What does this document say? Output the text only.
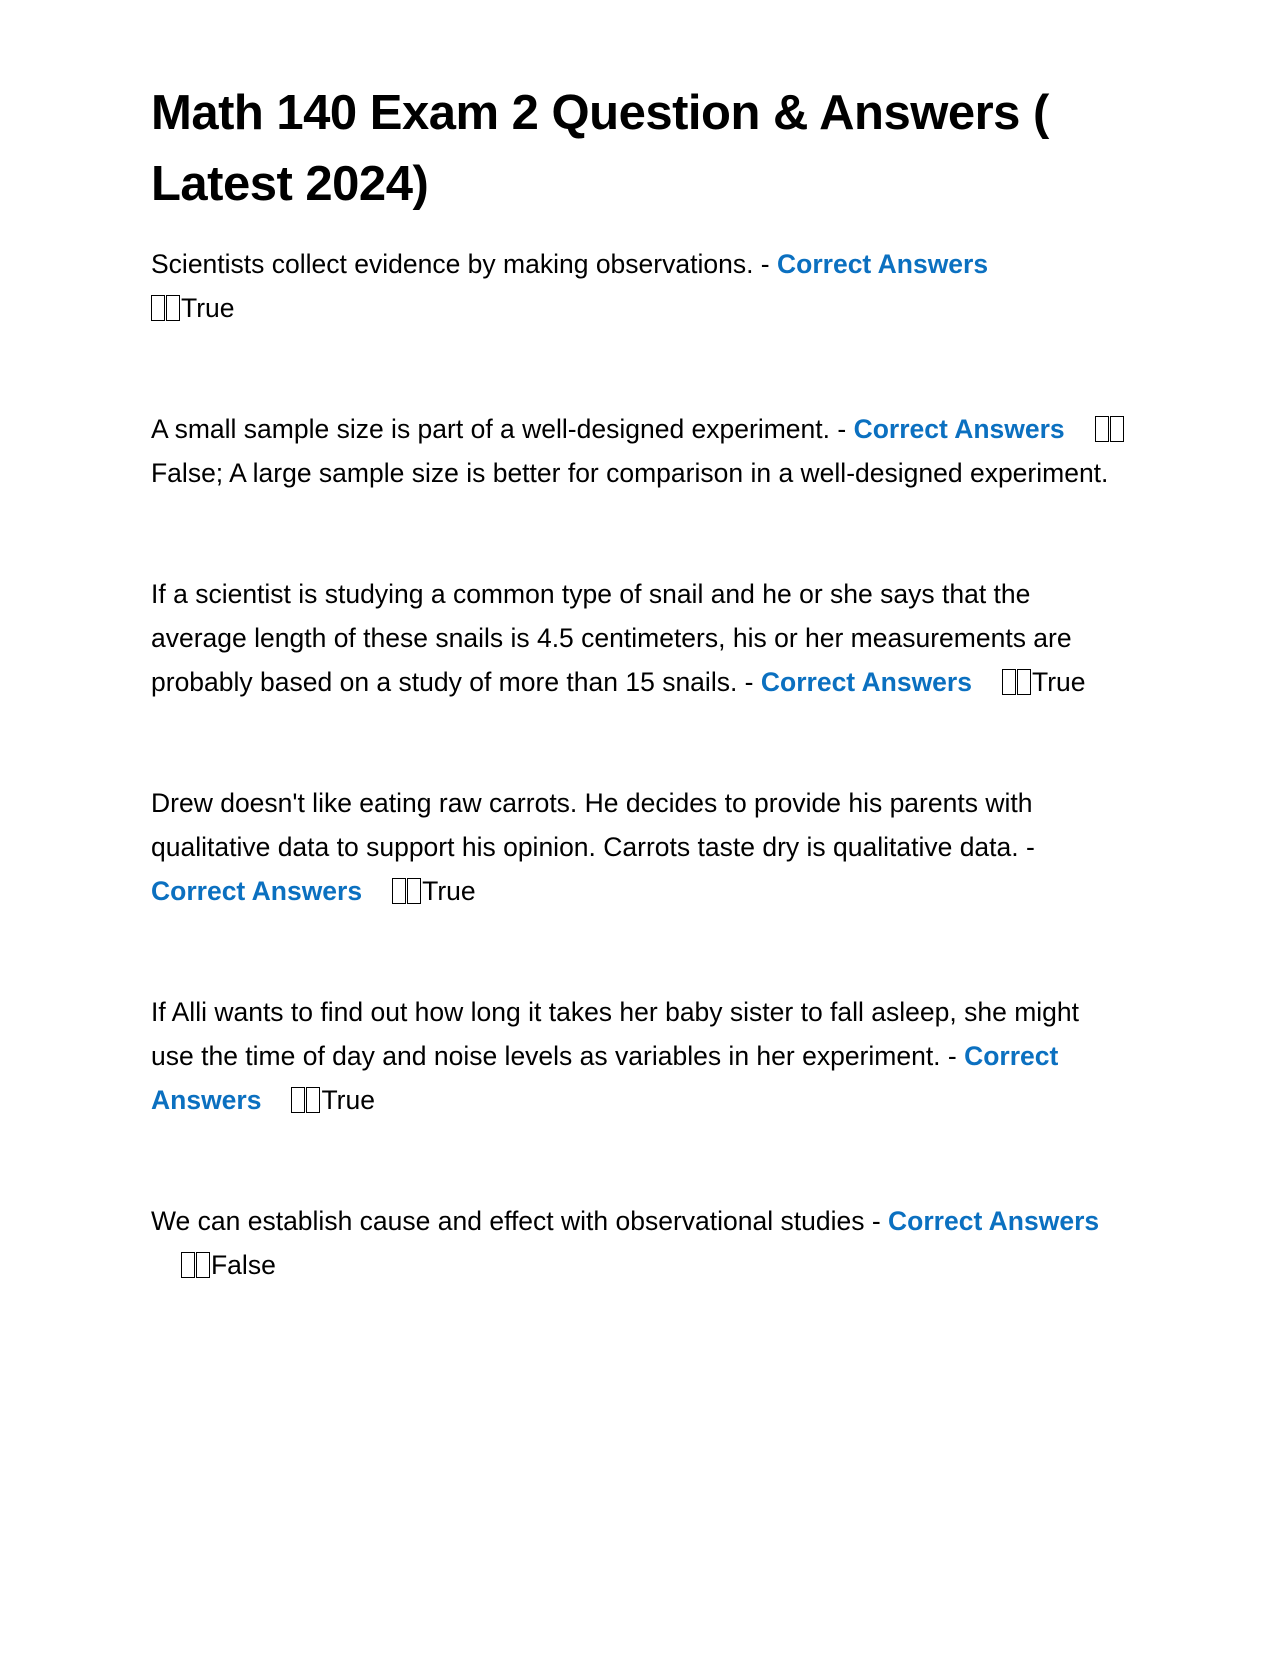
Math 140 Exam 2 Question & Answers ( Latest 2024)

Scientists collect evidence by making observations. - Correct Answers
True

A small sample size is part of a well-designed experiment. - Correct AnswersFalse; A large sample size is better for comparison in a well-designed experiment.

If a scientist is studying a common type of snail and he or she says that the average length of these snails is 4.5 centimeters, his or her measurements are probably based on a study of more than 15 snails. - Correct Answers True

Drew doesn't like eating raw carrots. He decides to provide his parents with qualitative data to support his opinion. Carrots taste dry is qualitative data. - Correct Answers True

If Alli wants to find out how long it takes her baby sister to fall asleep, she might use the time of day and noise levels as variables in her experiment. - Correct Answers True

We can establish cause and effect with observational studies - Correct AnswersFalse
